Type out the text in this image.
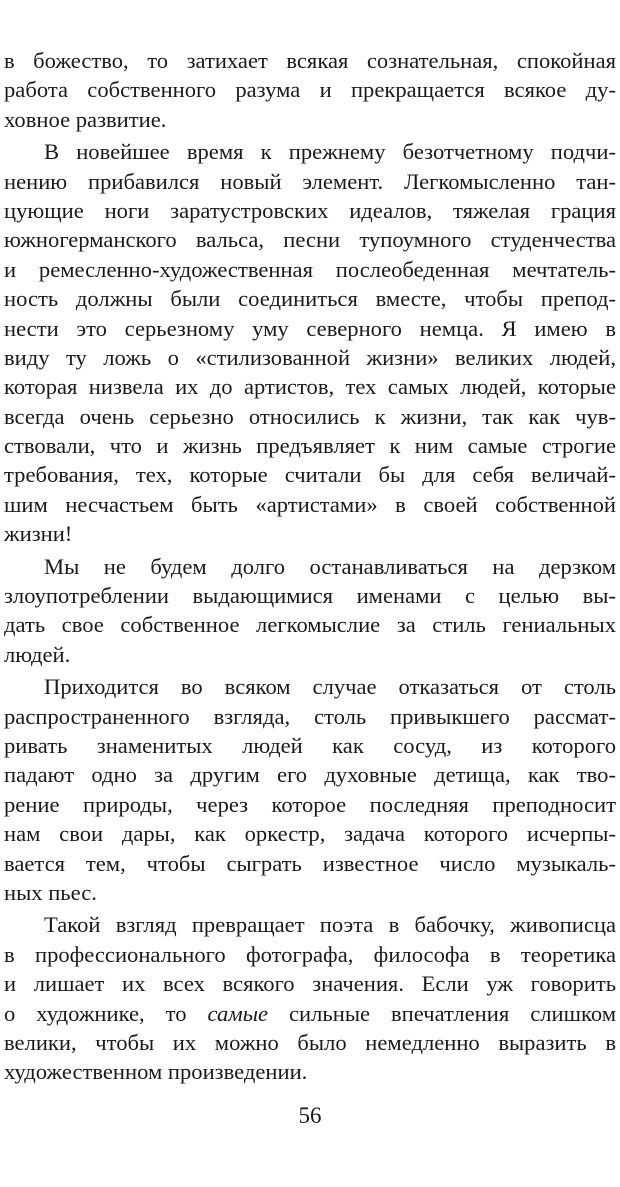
в божество, то затихает всякая сознательная, спокойная
работа собственного разума и прекращается всякое ду-
ховное развитие.
В новейшее время к прежнему безотчетному подчи-
нению прибавился новый элемент. Легкомысленно тан-
цующие ноги заратустровских идеалов, тяжелая грация
южногерманского вальса, песни тупоумного студенчества
и ремесленно-художественная послеобеденная мечтатель-
ность должны были соединиться вместе, чтобы препод-
нести это серьезному уму северного немца. Я имею в
виду ту ложь о «стилизованной жизни» великих людей,
которая низвела их до артистов, тех самых людей, которые
всегда очень серьезно относились к жизни, так как чув-
ствовали, что и жизнь предъявляет к ним самые строгие
требования, тех, которые считали бы для себя величай-
шим несчастьем быть «артистами» в своей собственной
жизни!
Мы не будем долго останавливаться на дерзком
злоупотреблении выдающимися именами с целью вы-
дать свое собственное легкомыслие за стиль гениальных
людей.
Приходится во всяком случае отказаться от столь
распространенного взгляда, столь привыкшего рассмат-
ривать знаменитых людей как сосуд, из которого
падают одно за другим его духовные детища, как тво-
рение природы, через которое последняя преподносит
нам свои дары, как оркестр, задача которого исчерпы-
вается тем, чтобы сыграть известное число музыкаль-
ных пьес.
Такой взгляд превращает поэта в бабочку, живописца
в профессионального фотографа, философа в теоретика
и лишает их всех всякого значения. Если уж говорить
о художнике, то самые сильные впечатления слишком
велики, чтобы их можно было немедленно выразить в
художественном произведении.
56
